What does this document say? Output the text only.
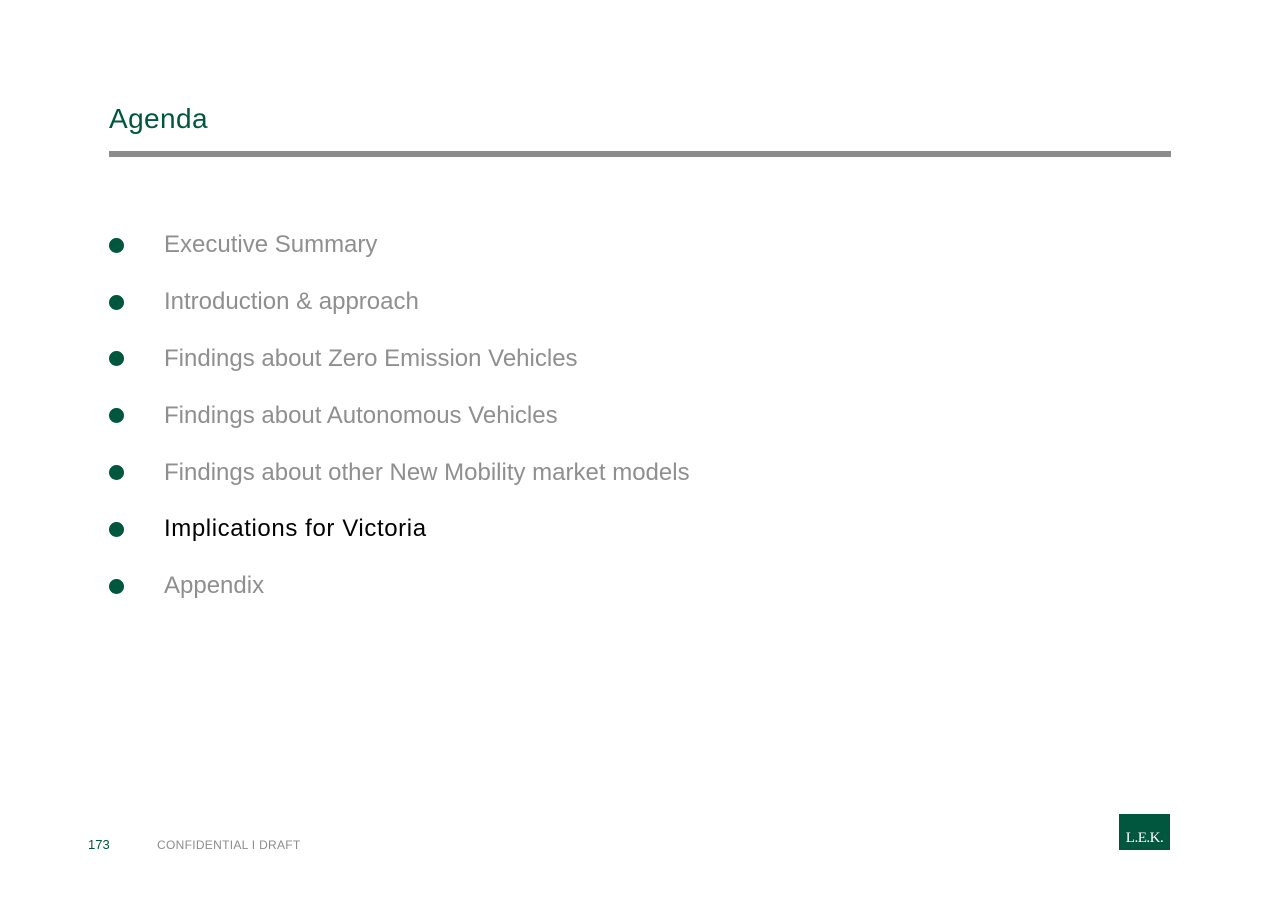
Agenda
Executive Summary
Introduction & approach
Findings about Zero Emission Vehicles
Findings about Autonomous Vehicles
Findings about other New Mobility market models
Implications for Victoria
Appendix
173	CONFIDENTIAL I DRAFT	L.E.K.
